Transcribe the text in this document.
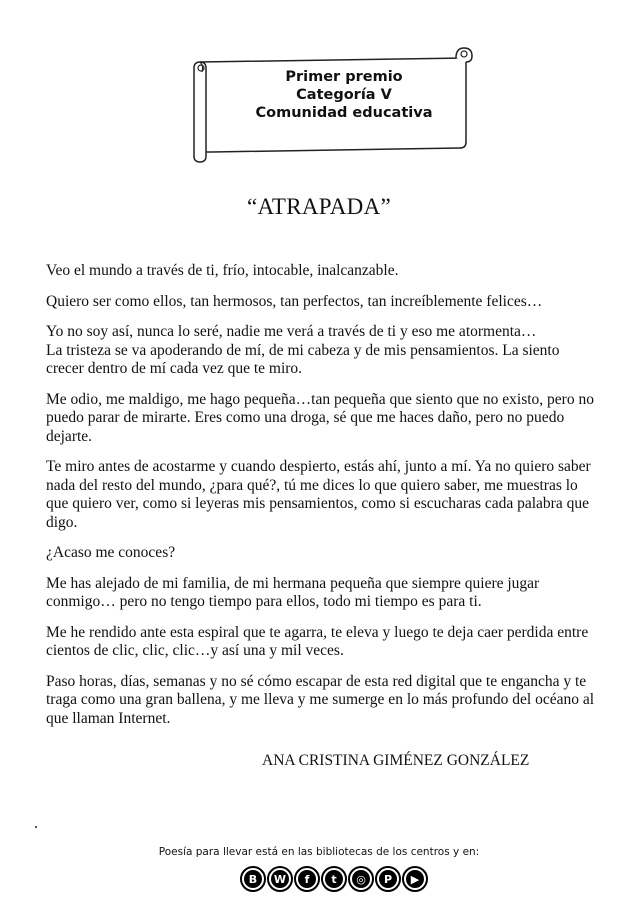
Primer premio
Categoría V
Comunidad educativa
“ATRAPADA”

Veo el mundo a través de ti, frío, intocable, inalcanzable.

Quiero ser como ellos, tan hermosos, tan perfectos, tan increíblemente felices…

Yo no soy así, nunca lo seré, nadie me verá a través de ti y eso me atormenta…
La tristeza se va apoderando de mí, de mi cabeza y de mis pensamientos. La siento crecer dentro de mí cada vez que te miro.

Me odio, me maldigo, me hago pequeña…tan pequeña que siento que no existo, pero no puedo parar de mirarte. Eres como una droga, sé que me haces daño, pero no puedo dejarte.

Te miro antes de acostarme y cuando despierto, estás ahí, junto a mí. Ya no quiero saber nada del resto del mundo, ¿para qué?, tú me dices lo que quiero saber, me muestras lo que quiero ver, como si leyeras mis pensamientos, como si escucharas cada palabra que digo.

¿Acaso me conoces?

Me has alejado de mi familia, de mi hermana pequeña que siempre quiere jugar conmigo… pero no tengo tiempo para ellos, todo mi tiempo es para ti.

Me he rendido ante esta espiral que te agarra, te eleva y luego te deja caer perdida entre cientos de clic, clic, clic…y así una y mil veces.

Paso horas, días, semanas y no sé cómo escapar de esta red digital que te engancha y te traga como una gran ballena, y me lleva y me sumerge en lo más profundo del océano al que llaman Internet.

ANA CRISTINA GIMÉNEZ GONZÁLEZ
Poesía para llevar está en las bibliotecas de los centros y en:
B	W	f	t	◎	P	▶
